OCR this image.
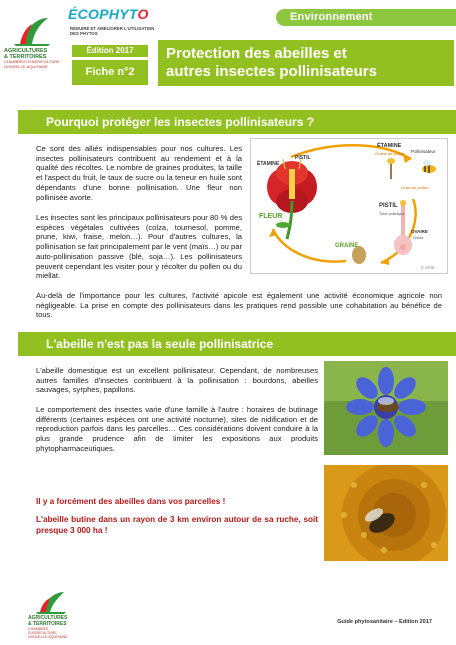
AGRICULTURES
& TERRITOIRES
CHAMBRES D'AGRICULTURE
NOUVELLE-AQUITAINE
ÉCOPHYTO
RÉDUIRE ET AMÉLIORER L'UTILISATION DES PHYTOS
Édition 2017
Fiche n°2
Environnement
Protection des abeilles et
autres insectes pollinisateurs
Pourquoi protéger les insectes pollinisateurs ?
Ce sont des alliés indispensables pour nos cultures. Les insectes pollinisateurs contribuent au rendement et à la qualité des récoltes. Le nombre de graines produites, la taille et l'aspect du fruit, le taux de sucre ou la teneur en huile sont dépendants d'une bonne pollinisation. Une fleur non pollinisée avorte.
Les insectes sont les principaux pollinisateurs pour 80 % des espèces végétales cultivées (colza, tournesol, pomme, prune, kiwi, fraise, melon…). Pour d'autres cultures, la pollinisation se fait principalement par le vent (maïs…) ou par auto-pollinisation passive (blé, soja…). Les pollinisateurs peuvent cependant les visiter pour y récolter du pollen ou du miellat.
Au-delà de l'importance pour les cultures, l'activité apicole est également une activité économique agricole non négligeable. La prise en compte des pollinisateurs dans les pratiques rend possible une cohabitation au bénéfice de tous.
ÉTAMINE
PISTIL
ÉTAMINE
Grains de pollen Pollinisateur
Grain de pollen
PISTIL
Tube pollinique
OVAIRE
Ovule
FLEUR
GRAINE
© OPIE
L'abeille n'est pas la seule pollinisatrice
L'abeille domestique est un excellent pollinisateur. Cependant, de nombreuses autres familles d'insectes contribuent à la pollinisation : bourdons, abeilles sauvages, syrphes, papillons.
Le comportement des insectes varie d'une famille à l'autre : horaires de butinage différents (certaines espèces ont une activité nocturne), sites de nidification et de reproduction parfois dans les parcelles… Ces considérations doivent conduire à la plus grande prudence afin de limiter les expositions aux produits phytopharmaceutiques.
Il y a forcément des abeilles dans vos parcelles !
L'abeille butine dans un rayon de 3 km environ autour de sa ruche, soit presque 3 000 ha !
AGRICULTURES
& TERRITOIRES
CHAMBRES D'AGRICULTURE
NOUVELLE-AQUITAINE
Guide phytosanitaire – Edition 2017
